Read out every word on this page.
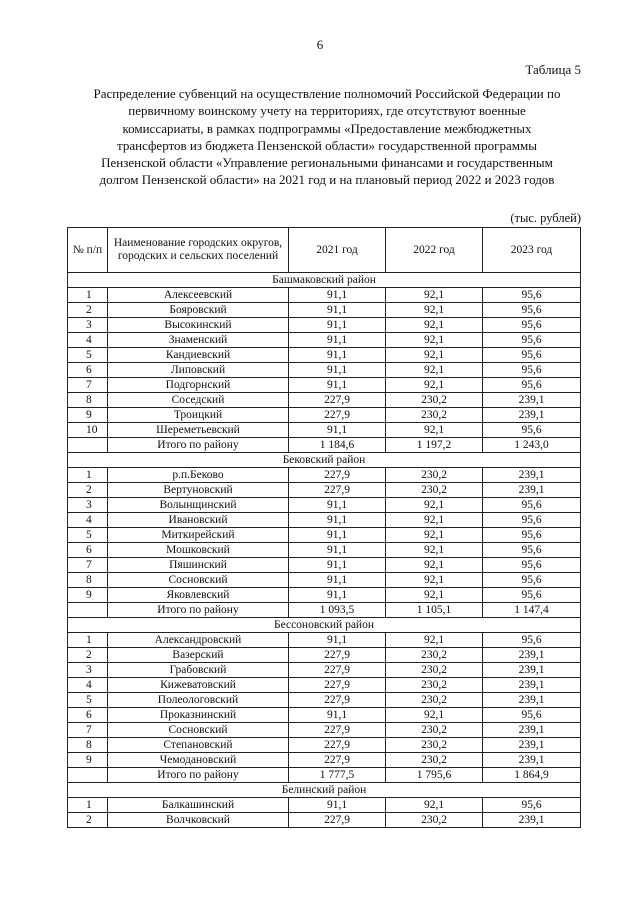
6
Таблица 5
Распределение субвенций на осуществление полномочий Российской Федерации по первичному воинскому учету на территориях, где отсутствуют военные комиссариаты, в рамках подпрограммы «Предоставление межбюджетных трансфертов из бюджета Пензенской области» государственной программы Пензенской области «Управление региональными финансами и государственным долгом Пензенской области» на 2021 год и на плановый период 2022 и 2023 годов
(тыс. рублей)
№ п/п	Наименование городских округов, городских и сельских поселений	2021 год	2022 год	2023 год
Башмаковский район				
1	Алексеевский	91,1	92,1	95,6
2	Бояровский	91,1	92,1	95,6
3	Высокинский	91,1	92,1	95,6
4	Знаменский	91,1	92,1	95,6
5	Кандиевский	91,1	92,1	95,6
6	Липовский	91,1	92,1	95,6
7	Подгорнский	91,1	92,1	95,6
8	Соседский	227,9	230,2	239,1
9	Троицкий	227,9	230,2	239,1
10	Шереметьевский	91,1	92,1	95,6
	Итого по району	1 184,6	1 197,2	1 243,0
Бековский район				
1	р.п.Беково	227,9	230,2	239,1
2	Вертуновский	227,9	230,2	239,1
3	Волынщинский	91,1	92,1	95,6
4	Ивановский	91,1	92,1	95,6
5	Миткирейский	91,1	92,1	95,6
6	Мошковский	91,1	92,1	95,6
7	Пяшинский	91,1	92,1	95,6
8	Сосновский	91,1	92,1	95,6
9	Яковлевский	91,1	92,1	95,6
	Итого по району	1 093,5	1 105,1	1 147,4
Бессоновский район				
1	Александровский	91,1	92,1	95,6
2	Вазерский	227,9	230,2	239,1
3	Грабовский	227,9	230,2	239,1
4	Кижеватовский	227,9	230,2	239,1
5	Полеологовский	227,9	230,2	239,1
6	Проказнинский	91,1	92,1	95,6
7	Сосновский	227,9	230,2	239,1
8	Степановский	227,9	230,2	239,1
9	Чемодановский	227,9	230,2	239,1
	Итого по району	1 777,5	1 795,6	1 864,9
Белинский район				
1	Балкашинский	91,1	92,1	95,6
2	Волчковский	227,9	230,2	239,1
